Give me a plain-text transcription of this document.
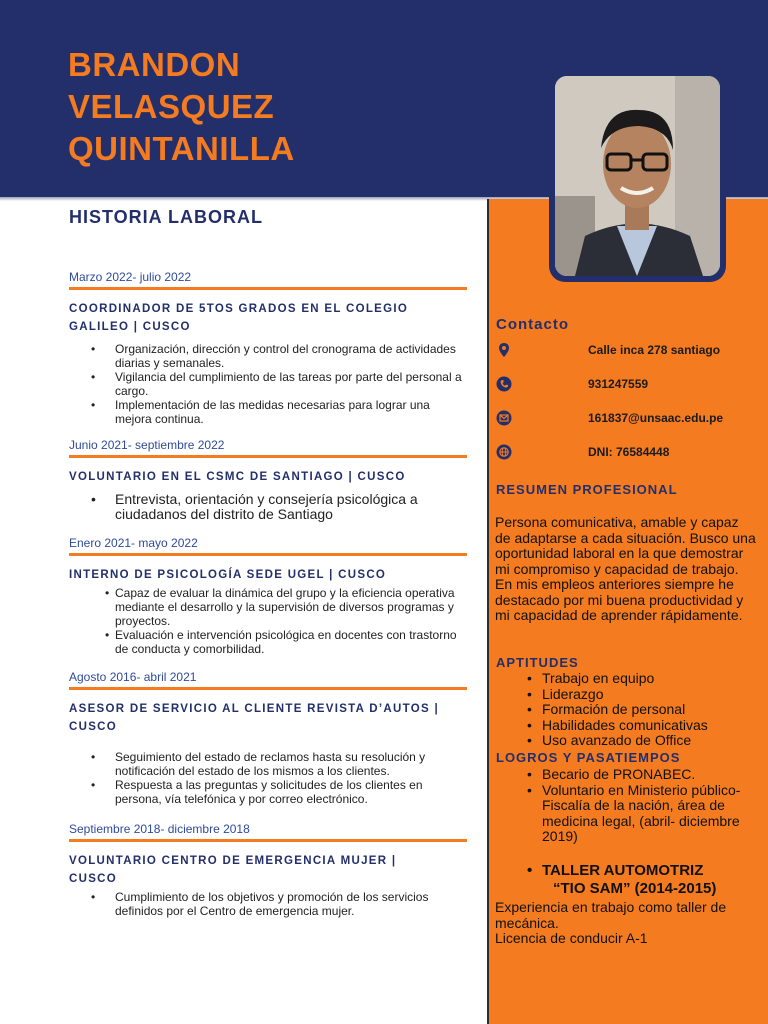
BRANDON
VELASQUEZ
QUINTANILLA
HISTORIA LABORAL
Marzo 2022- julio 2022
COORDINADOR DE 5TOS GRADOS EN EL COLEGIO
GALILEO | CUSCO
• Organización, dirección y control del cronograma de actividades diarias y semanales.
• Vigilancia del cumplimiento de las tareas por parte del personal a cargo.
• Implementación de las medidas necesarias para lograr una mejora continua.
Junio 2021- septiembre 2022
VOLUNTARIO EN EL CSMC DE SANTIAGO | CUSCO
• Entrevista, orientación y consejería psicológica a ciudadanos del distrito de Santiago
Enero 2021- mayo 2022
INTERNO DE PSICOLOGÍA SEDE UGEL | CUSCO
• Capaz de evaluar la dinámica del grupo y la eficiencia operativa mediante el desarrollo y la supervisión de diversos programas y proyectos.
• Evaluación e intervención psicológica en docentes con trastorno de conducta y comorbilidad.
Agosto 2016- abril 2021
ASESOR DE SERVICIO AL CLIENTE REVISTA D’AUTOS |
CUSCO
• Seguimiento del estado de reclamos hasta su resolución y notificación del estado de los mismos a los clientes.
• Respuesta a las preguntas y solicitudes de los clientes en persona, vía telefónica y por correo electrónico.
Septiembre 2018- diciembre 2018
VOLUNTARIO CENTRO DE EMERGENCIA MUJER |
CUSCO
• Cumplimiento de los objetivos y promoción de los servicios definidos por el Centro de emergencia mujer.
Contacto
Calle inca 278 santiago
931247559
161837@unsaac.edu.pe
DNI: 76584448
RESUMEN PROFESIONAL
Persona comunicativa, amable y capaz de adaptarse a cada situación. Busco una oportunidad laboral en la que demostrar mi compromiso y capacidad de trabajo. En mis empleos anteriores siempre he destacado por mi buena productividad y mi capacidad de aprender rápidamente.
APTITUDES
• Trabajo en equipo
• Liderazgo
• Formación de personal
• Habilidades comunicativas
• Uso avanzado de Office
LOGROS Y PASATIEMPOS
• Becario de PRONABEC.
• Voluntario en Ministerio público- Fiscalía de la nación, área de medicina legal, (abril- diciembre 2019)
• TALLER AUTOMOTRIZ
“TIO SAM” (2014-2015)
Experiencia en trabajo como taller de mecánica.
Licencia de conducir A-1
